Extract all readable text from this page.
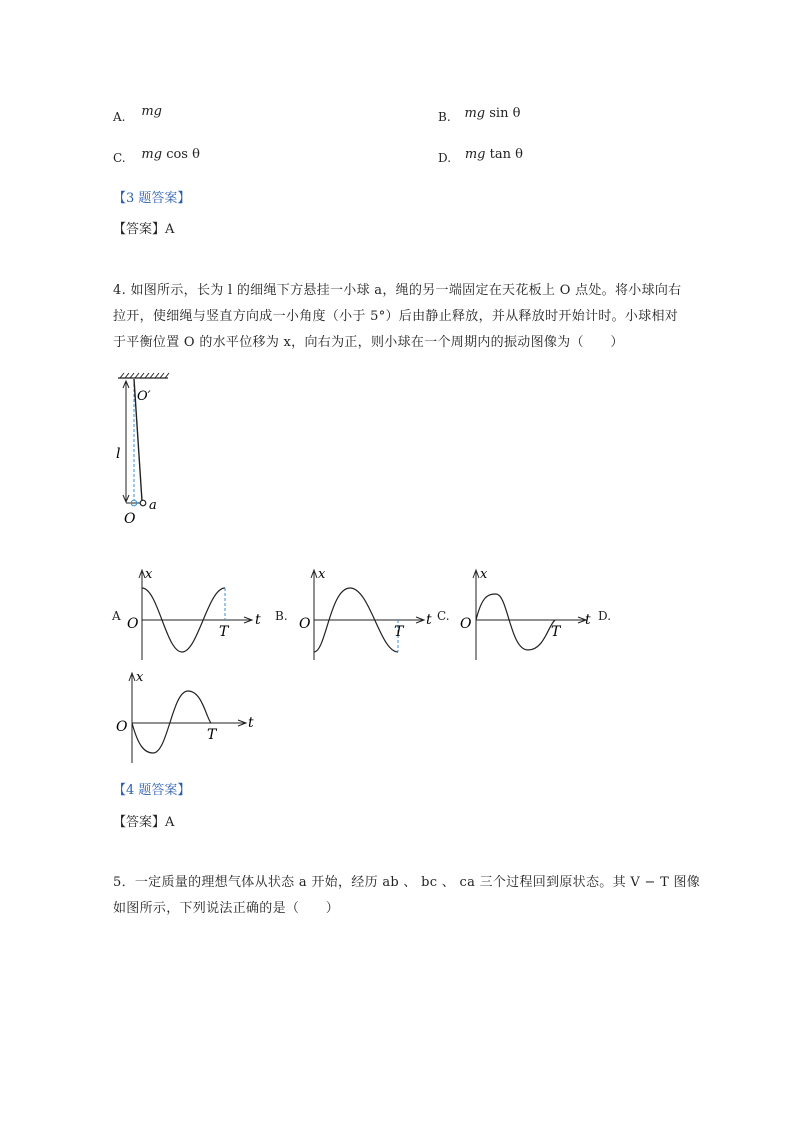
A. mg	B. mg sin θ
C. mg cos θ	D. mg tan θ
【3 题答案】
【答案】A
4. 如图所示，长为 l 的细绳下方悬挂一小球 a，绳的另一端固定在天花板上 O 点处。将小球向右
拉开，使细绳与竖直方向成一小角度（小于 5°）后由静止释放，并从释放时开始计时。小球相对
于平衡位置 O 的水平位移为 x，向右为正，则小球在一个周期内的振动图像为（　　）
O′
l
O
a
A
x
t
O	T
B.
x
t
O	T
C.
x
t
O	T
D.
x
t
O	T
【4 题答案】
【答案】A
5．一定质量的理想气体从状态 a 开始，经历 ab 、 bc 、 ca 三个过程回到原状态。其 V − T 图像
如图所示，下列说法正确的是（　　）
